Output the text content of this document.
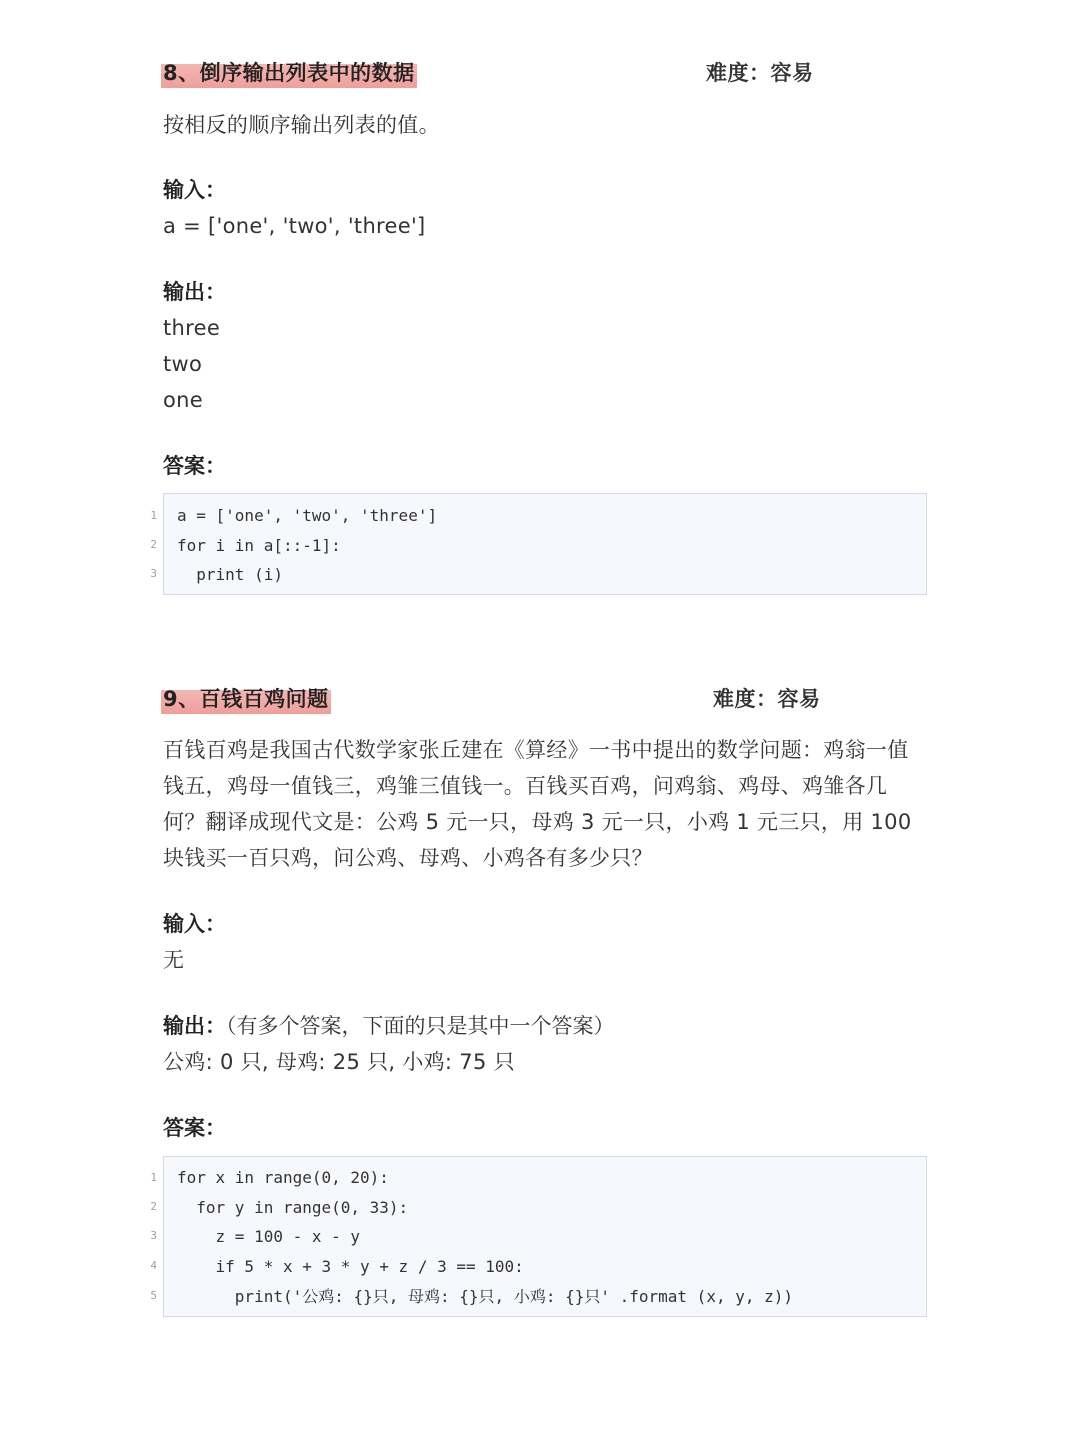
8、倒序输出列表中的数据	难度：容易
按相反的顺序输出列表的值。
输入：
a = ['one', 'two', 'three']
输出：
three
two
one
答案：
1
2
3
a = ['one', 'two', 'three']
for i in a[::-1]:
print (i)
9、百钱百鸡问题	难度：容易
百钱百鸡是我国古代数学家张丘建在《算经》一书中提出的数学问题：鸡翁一值
钱五，鸡母一值钱三，鸡雏三值钱一。百钱买百鸡，问鸡翁、鸡母、鸡雏各几
何？翻译成现代文是：公鸡 5 元一只，母鸡 3 元一只，小鸡 1 元三只，用 100
块钱买一百只鸡，问公鸡、母鸡、小鸡各有多少只？
输入：
无
输出：（有多个答案，下面的只是其中一个答案）
公鸡: 0 只, 母鸡: 25 只, 小鸡: 75 只
答案：
1
2
3
4
5
for x in range(0, 20):
for y in range(0, 33):
z = 100 - x - y
if 5 * x + 3 * y + z / 3 == 100:
print('公鸡: {}只, 母鸡: {}只, 小鸡: {}只' .format (x, y, z))
